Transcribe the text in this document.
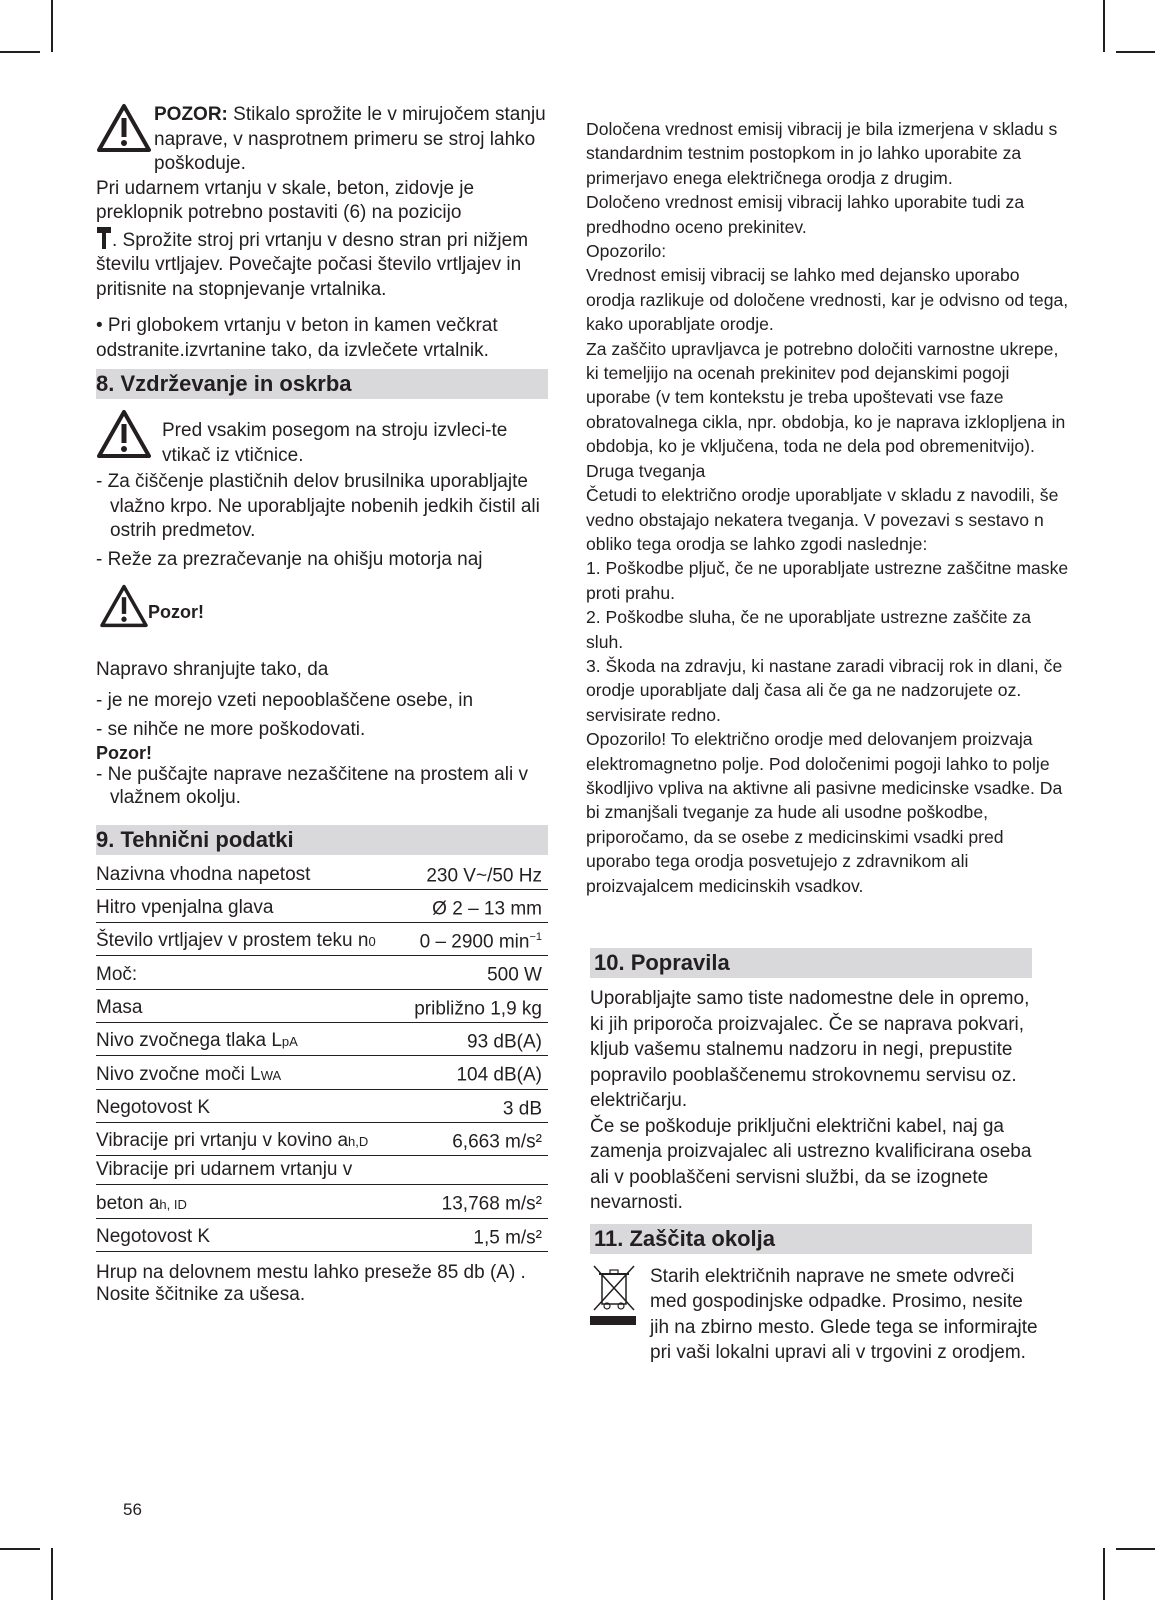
POZOR: Stikalo sprožite le v mirujočem stanju naprave, v nasprotnem primeru se stroj lahko poškoduje.

Pri udarnem vrtanju v skale, beton, zidovje je preklopnik potrebno postaviti (6) na pozicijo
. Sprožite stroj pri vrtanju v desno stran pri nižjem številu vrtljajev. Povečajte počasi število vrtljajev in pritisnite na stopnjevanje vrtalnika.

• Pri globokem vrtanju v beton in kamen večkrat odstranite.izvrtanine tako, da izvlečete vrtalnik.

8. Vzdrževanje in oskrba

Pred vsakim posegom na stroju izvleci-te vtikač iz vtičnice.

- Za čiščenje plastičnih delov brusilnika uporabljajte vlažno krpo. Ne uporabljajte nobenih jedkih čistil ali ostrih predmetov.

- Reže za prezračevanje na ohišju motorja naj

Pozor!

Napravo shranjujte tako, da

- je ne morejo vzeti nepooblaščene osebe, in

- se nihče ne more poškodovati.

Pozor!

- Ne puščajte naprave nezaščitene na prostem ali v vlažnem okolju.

9. Tehnični podatki
Nazivna vhodna napetost	230 V~/50 Hz
Hitro vpenjalna glava	Ø 2 – 13 mm
Število vrtljajev v prostem teku n0	0 – 2900 $\min^{-1}$
Moč:	500 W
Masa	približno 1,9 kg
Nivo zvočnega tlaka LpA	93 dB(A)
Nivo zvočne moči LWA	104 dB(A)
Negotovost K	3 dB
Vibracije pri vrtanju v kovino ah,D	6,663 m/s²
Vibracije pri udarnem vrtanju v	
beton ah, ID	13,768 m/s²
Negotovost K	1,5 m/s²

Hrup na delovnem mestu lahko preseže 85 db (A) .

Nosite ščitnike za ušesa.

Določena vrednost emisij vibracij je bila izmerjena v skladu s standardnim testnim postopkom in jo lahko uporabite za primerjavo enega električnega orodja z drugim.

Določeno vrednost emisij vibracij lahko uporabite tudi za predhodno oceno prekinitev.

Opozorilo:

Vrednost emisij vibracij se lahko med dejansko uporabo orodja razlikuje od določene vrednosti, kar je odvisno od tega, kako uporabljate orodje.

Za zaščito upravljavca je potrebno določiti varnostne ukrepe, ki temeljijo na ocenah prekinitev pod dejanskimi pogoji uporabe (v tem kontekstu je treba upoštevati vse faze obratovalnega cikla, npr. obdobja, ko je naprava izklopljena in obdobja, ko je vključena, toda ne dela pod obremenitvijo).

Druga tveganja

Četudi to električno orodje uporabljate v skladu z navodili, še vedno obstajajo nekatera tveganja. V povezavi s sestavo n obliko tega orodja se lahko zgodi naslednje:

1. Poškodbe pljuč, če ne uporabljate ustrezne zaščitne maske proti prahu.

2. Poškodbe sluha, če ne uporabljate ustrezne zaščite za sluh.

3. Škoda na zdravju, ki nastane zaradi vibracij rok in dlani, če orodje uporabljate dalj časa ali če ga ne nadzorujete oz. servisirate redno.

Opozorilo! To električno orodje med delovanjem proizvaja elektromagnetno polje. Pod določenimi pogoji lahko to polje škodljivo vpliva na aktivne ali pasivne medicinske vsadke. Da bi zmanjšali tveganje za hude ali usodne poškodbe, priporočamo, da se osebe z medicinskimi vsadki pred uporabo tega orodja posvetujejo z zdravnikom ali proizvajalcem medicinskih vsadkov.

10. Popravila

Uporabljajte samo tiste nadomestne dele in opremo, ki jih priporoča proizvajalec. Če se naprava pokvari, kljub vašemu stalnemu nadzoru in negi, prepustite popravilo pooblaščenemu strokovnemu servisu oz. električarju.

Če se poškoduje priključni električni kabel, naj ga zamenja proizvajalec ali ustrezno kvalificirana oseba ali v pooblaščeni servisni službi, da se izognete nevarnosti.

11. Zaščita okolja

Starih električnih naprave ne smete odvreči med gospodinjske odpadke. Prosimo, nesite jih na zbirno mesto. Glede tega se informirajte pri vaši lokalni upravi ali v trgovini z orodjem.

56
